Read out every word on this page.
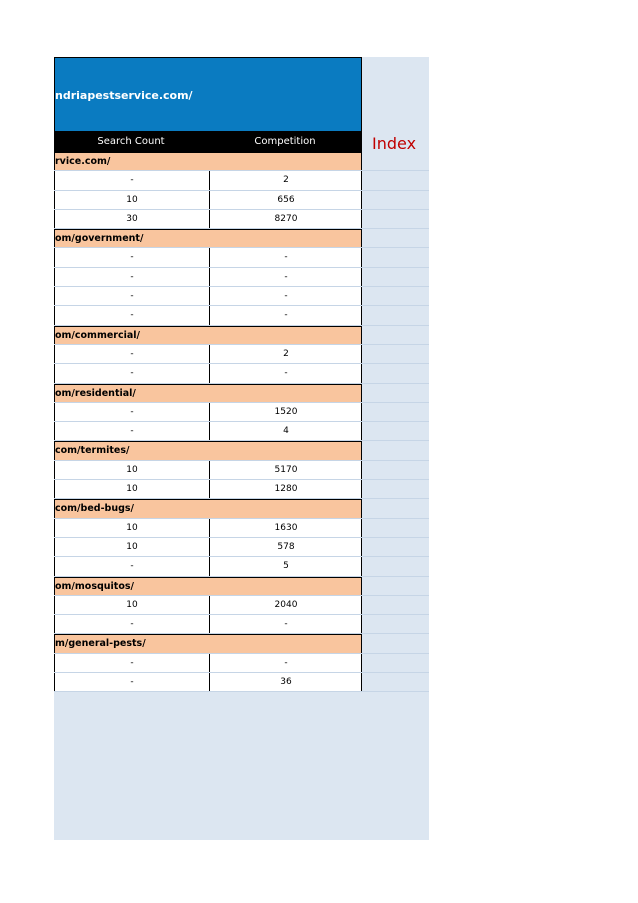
ndriapestservice.com/
Search Count	Competition	Index
rvice.com/
-	2
10	656
30	8270
om/government/
-	-
-	-
-	-
-	-
om/commercial/
-	2
-	-
om/residential/
-	1520
-	4
com/termites/
10	5170
10	1280
com/bed-bugs/
10	1630
10	578
-	5
om/mosquitos/
10	2040
-	-
m/general-pests/
-	-
-	36
